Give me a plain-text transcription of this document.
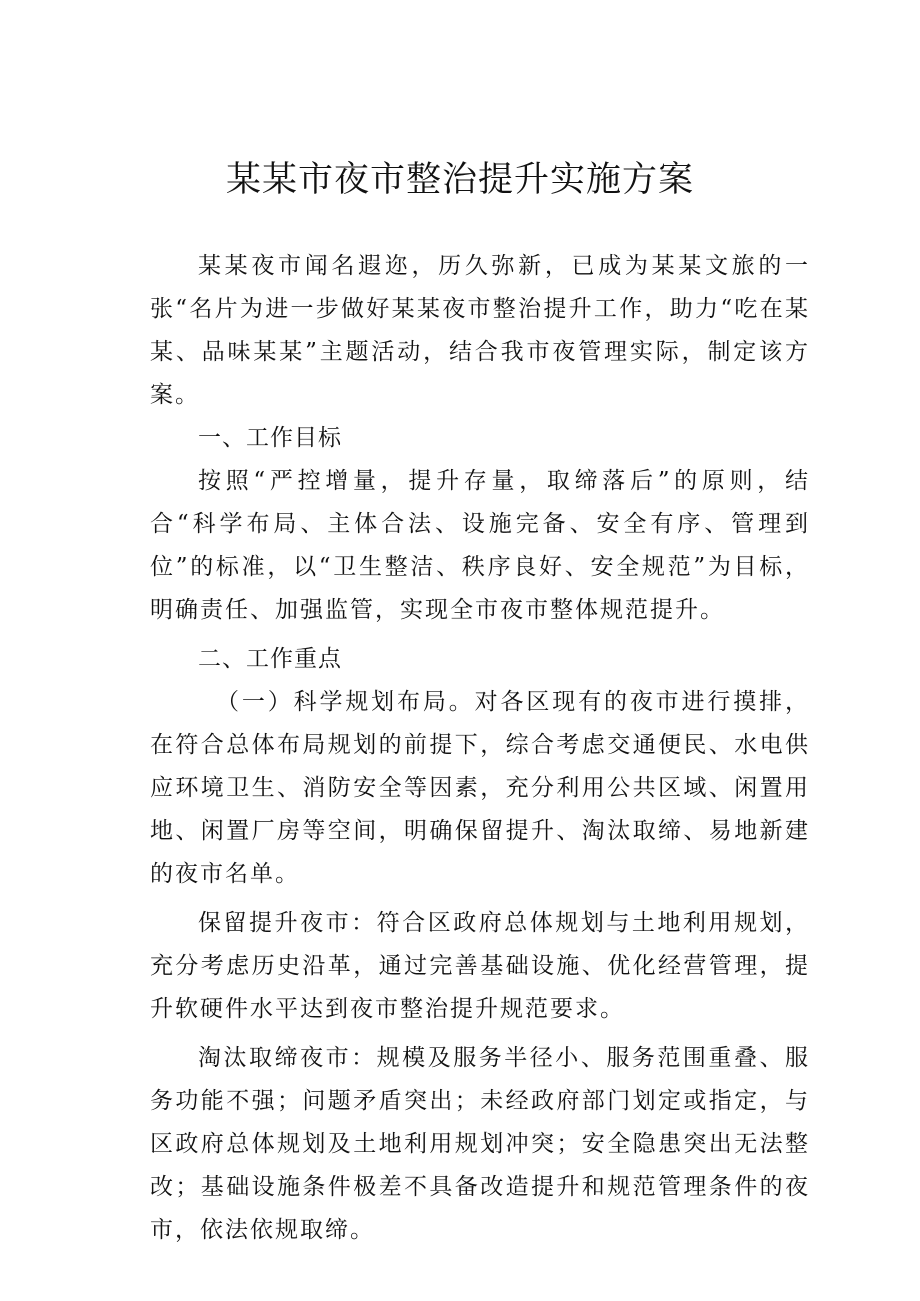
某某市夜市整治提升实施方案

某某夜市闻名遐迩，历久弥新，已成为某某文旅的一张“名片为进一步做好某某夜市整治提升工作，助力“吃在某某、品味某某”主题活动，结合我市夜管理实际，制定该方案。

一、工作目标

按照“严控增量，提升存量，取缔落后”的原则，结合“科学布局、主体合法、设施完备、安全有序、管理到位”的标准，以“卫生整洁、秩序良好、安全规范”为目标，明确责任、加强监管，实现全市夜市整体规范提升。

二、工作重点

（一）科学规划布局。对各区现有的夜市进行摸排，在符合总体布局规划的前提下，综合考虑交通便民、水电供应环境卫生、消防安全等因素，充分利用公共区域、闲置用地、闲置厂房等空间，明确保留提升、淘汰取缔、易地新建的夜市名单。

保留提升夜市：符合区政府总体规划与土地利用规划，充分考虑历史沿革，通过完善基础设施、优化经营管理，提升软硬件水平达到夜市整治提升规范要求。

淘汰取缔夜市：规模及服务半径小、服务范围重叠、服务功能不强；问题矛盾突出；未经政府部门划定或指定，与区政府总体规划及土地利用规划冲突；安全隐患突出无法整改；基础设施条件极差不具备改造提升和规范管理条件的夜市，依法依规取缔。
